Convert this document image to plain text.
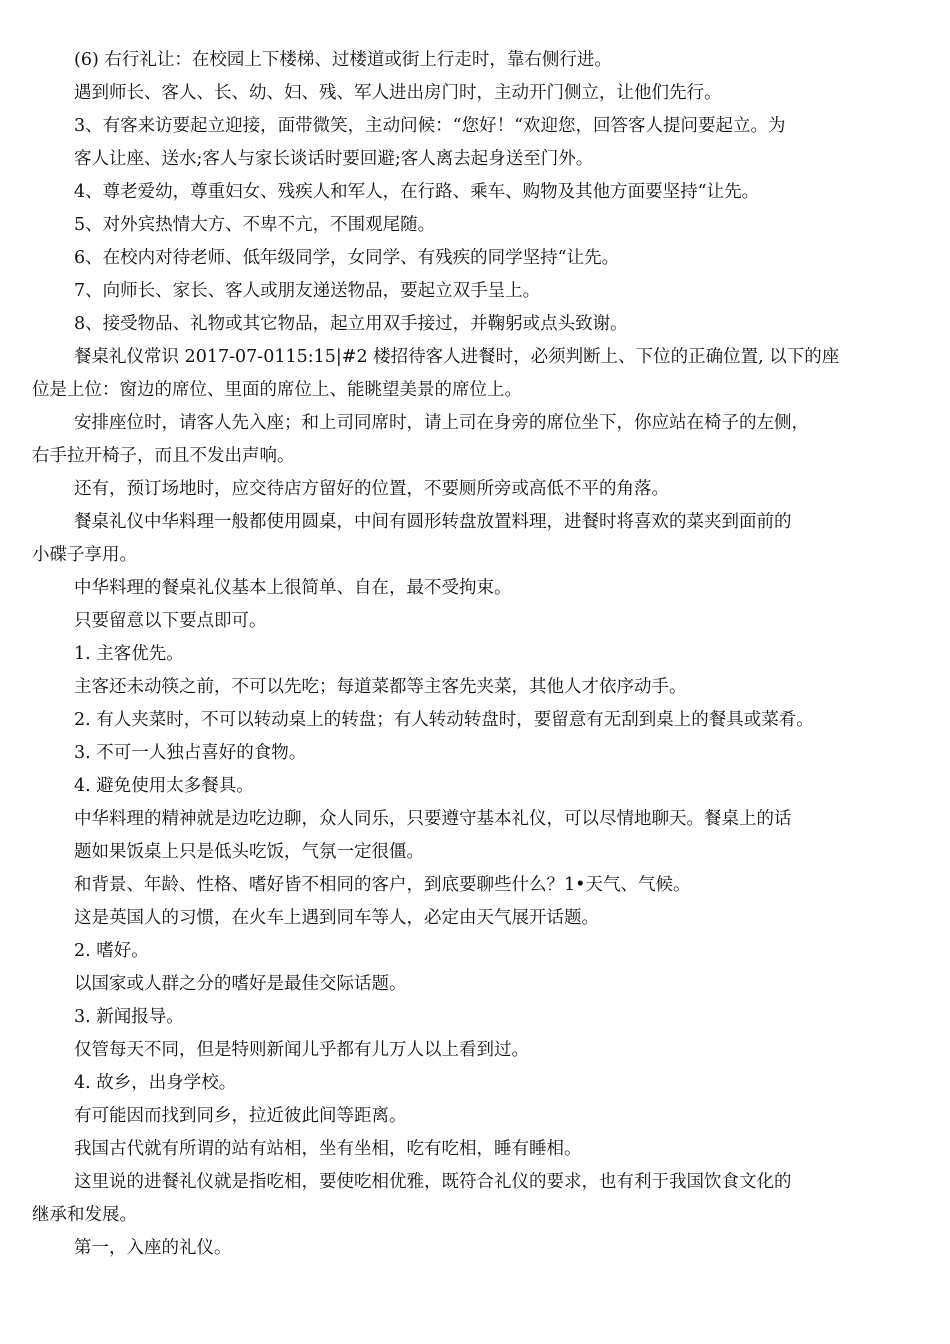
(6) 右行礼让：在校园上下楼梯、过楼道或街上行走时，靠右侧行进。
遇到师长、客人、长、幼、妇、残、军人进出房门时，主动开门侧立，让他们先行。
3、有客来访要起立迎接，面带微笑，主动问候：“您好！“欢迎您，回答客人提问要起立。为
客人让座、送水;客人与家长谈话时要回避;客人离去起身送至门外。
4、尊老爱幼，尊重妇女、残疾人和军人，在行路、乘车、购物及其他方面要坚持“让先。
5、对外宾热情大方、不卑不亢，不围观尾随。
6、在校内对待老师、低年级同学，女同学、有残疾的同学坚持“让先。
7、向师长、家长、客人或朋友递送物品，要起立双手呈上。
8、接受物品、礼物或其它物品，起立用双手接过，并鞠躬或点头致谢。
餐桌礼仪常识 2017-07-0115:15|#2 楼招待客人进餐时，必须判断上、下位的正确位置, 以下的座
位是上位：窗边的席位、里面的席位上、能眺望美景的席位上。
安排座位时，请客人先入座；和上司同席时，请上司在身旁的席位坐下，你应站在椅子的左侧，
右手拉开椅子，而且不发出声响。
还有，预订场地时，应交待店方留好的位置，不要厕所旁或高低不平的角落。
餐桌礼仪中华料理一般都使用圆桌，中间有圆形转盘放置料理，进餐时将喜欢的菜夹到面前的
小碟子享用。
中华料理的餐桌礼仪基本上很简单、自在，最不受拘束。
只要留意以下要点即可。
1. 主客优先。
主客还未动筷之前，不可以先吃；每道菜都等主客先夹菜，其他人才依序动手。
2. 有人夹菜时，不可以转动桌上的转盘；有人转动转盘时，要留意有无刮到桌上的餐具或菜肴。
3. 不可一人独占喜好的食物。
4. 避免使用太多餐具。
中华料理的精神就是边吃边聊，众人同乐，只要遵守基本礼仪，可以尽情地聊天。餐桌上的话
题如果饭桌上只是低头吃饭，气氛一定很僵。
和背景、年龄、性格、嗜好皆不相同的客户，到底要聊些什么？1•天气、气候。
这是英国人的习惯，在火车上遇到同车等人，必定由天气展开话题。
2. 嗜好。
以国家或人群之分的嗜好是最佳交际话题。
3. 新闻报导。
仅管每天不同，但是特则新闻儿乎都有儿万人以上看到过。
4. 故乡，出身学校。
有可能因而找到同乡，拉近彼此间等距离。
我国古代就有所谓的站有站相，坐有坐相，吃有吃相，睡有睡相。
这里说的进餐礼仪就是指吃相，要使吃相优雅，既符合礼仪的要求，也有利于我国饮食文化的
继承和发展。
第一，入座的礼仪。
